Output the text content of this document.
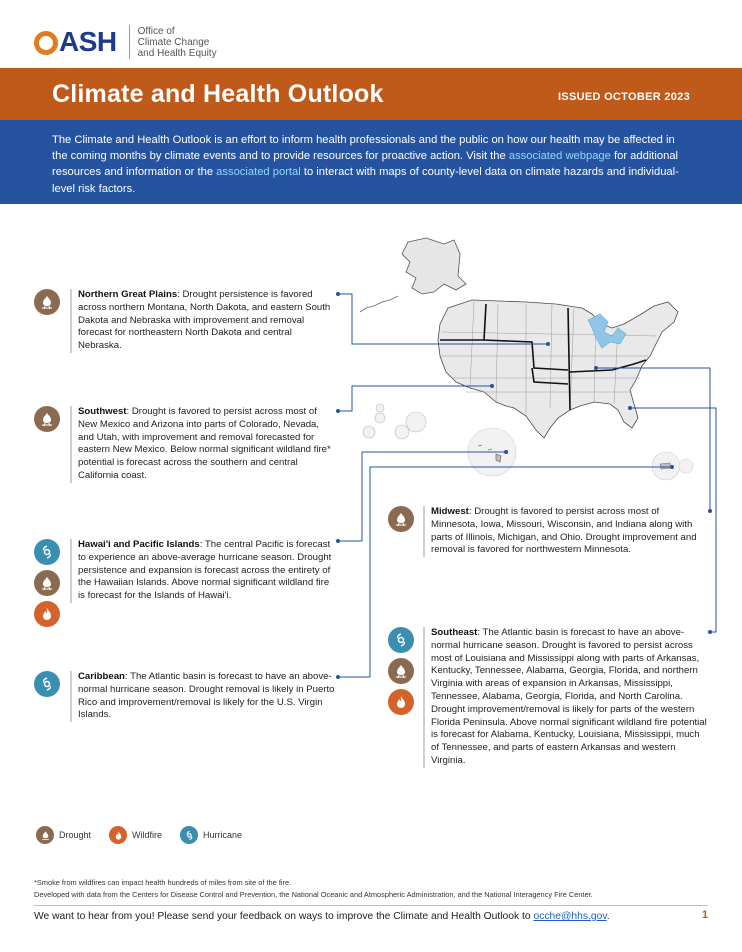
ASH Office of
Climate Change
and Health Equity
Climate and Health Outlook	ISSUED OCTOBER 2023
The Climate and Health Outlook is an effort to inform health professionals and the public on how our health may be affected in the coming months by climate events and to provide resources for proactive action. Visit the associated webpage for additional resources and information or the associated portal to interact with maps of county-level data on climate hazards and individual-level risk factors.
Northern Great Plains: Drought persistence is favored across northern Montana, North Dakota, and eastern South Dakota and Nebraska with improvement and removal forecast for northeastern North Dakota and central Nebraska.
Southwest: Drought is favored to persist across most of New Mexico and Arizona into parts of Colorado, Nevada, and Utah, with improvement and removal forecasted for eastern New Mexico. Below normal significant wildland fire* potential is forecast across the southern and central California coast.
Hawai'i and Pacific Islands: The central Pacific is forecast to experience an above-average hurricane season. Drought persistence and expansion is forecast across the entirety of the Hawaiian Islands. Above normal significant wildland fire is forecast for the Islands of Hawai'i.
Caribbean: The Atlantic basin is forecast to have an above-normal hurricane season. Drought removal is likely in Puerto Rico and improvement/removal is likely for the U.S. Virgin Islands.
Midwest: Drought is favored to persist across most of Minnesota, Iowa, Missouri, Wisconsin, and Indiana along with parts of Illinois, Michigan, and Ohio. Drought improvement and removal is favored for northwestern Minnesota.
Southeast: The Atlantic basin is forecast to have an above-normal hurricane season. Drought is favored to persist across most of Louisiana and Mississippi along with parts of Arkansas, Kentucky, Tennessee, Alabama, Georgia, Florida, and northern Virginia with areas of expansion in Arkansas, Mississippi, Tennessee, Alabama, Georgia, Florida, and North Carolina. Drought improvement/removal is likely for parts of the western Florida Peninsula. Above normal significant wildland fire potential is forecast for Alabama, Kentucky, Louisiana, Mississippi, much of Tennessee, and parts of eastern Arkansas and western Virginia.
Drought	Wildfire	Hurricane
*Smoke from wildfires can impact health hundreds of miles from site of the fire.
Developed with data from the Centers for Disease Control and Prevention, the National Oceanic and Atmospheric Administration, and the National Interagency Fire Center.
We want to hear from you! Please send your feedback on ways to improve the Climate and Health Outlook to ocche@hhs.gov.	1
